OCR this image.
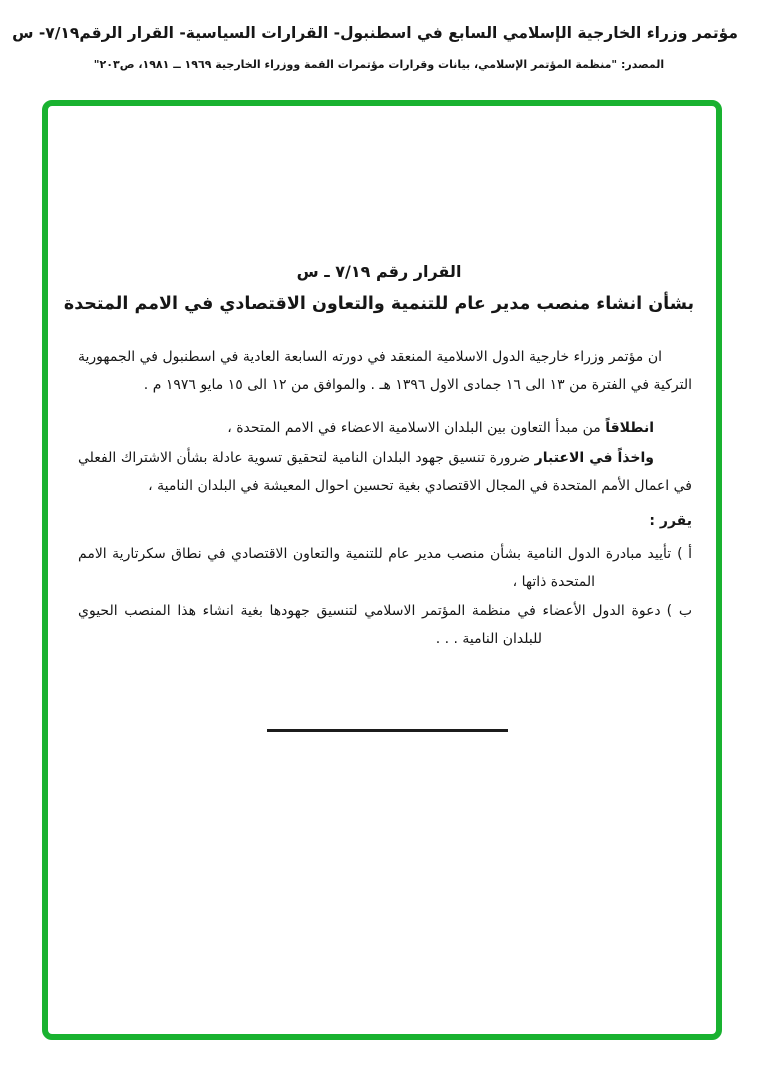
مؤتمر وزراء الخارجية الإسلامي السابع في اسطنبول- القرارات السياسية- القرار الرقم٧/١٩- س
المصدر: "منظمة المؤتمر الإسلامي، بيانات وقرارات مؤتمرات القمة ووزراء الخارجية ١٩٦٩ ــ ١٩٨١، ص٢٠٣"
القرار رقم ٧/١٩ ـ س
بشأن انشاء منصب مدير عام للتنمية والتعاون الاقتصادي في الامم المتحدة
ان مؤتمر وزراء خارجية الدول الاسلامية المنعقد في دورته السابعة العادية في اسطنبول في الجمهورية التركية في الفترة من ١٣ الى ١٦ جمادى الاول ١٣٩٦ هـ . والموافق من ١٢ الى ١٥ مايو ١٩٧٦ م .
انطلاقاً من مبدأ التعاون بين البلدان الاسلامية الاعضاء في الامم المتحدة ،
واخذاً في الاعتبار ضرورة تنسيق جهود البلدان النامية لتحقيق تسوية عادلة بشأن الاشتراك الفعلي في اعمال الأمم المتحدة في المجال الاقتصادي بغية تحسين احوال المعيشة في البلدان النامية ،
يقرر :
أ )تأييد مبادرة الدول النامية بشأن منصب مدير عام للتنمية والتعاون الاقتصادي في نطاق سكرتارية الامم
المتحدة ذاتها ،
ب )دعوة الدول الأعضاء في منظمة المؤتمر الاسلامي لتنسيق جهودها بغية انشاء هذا المنصب الحيوي
للبلدان النامية . . .
